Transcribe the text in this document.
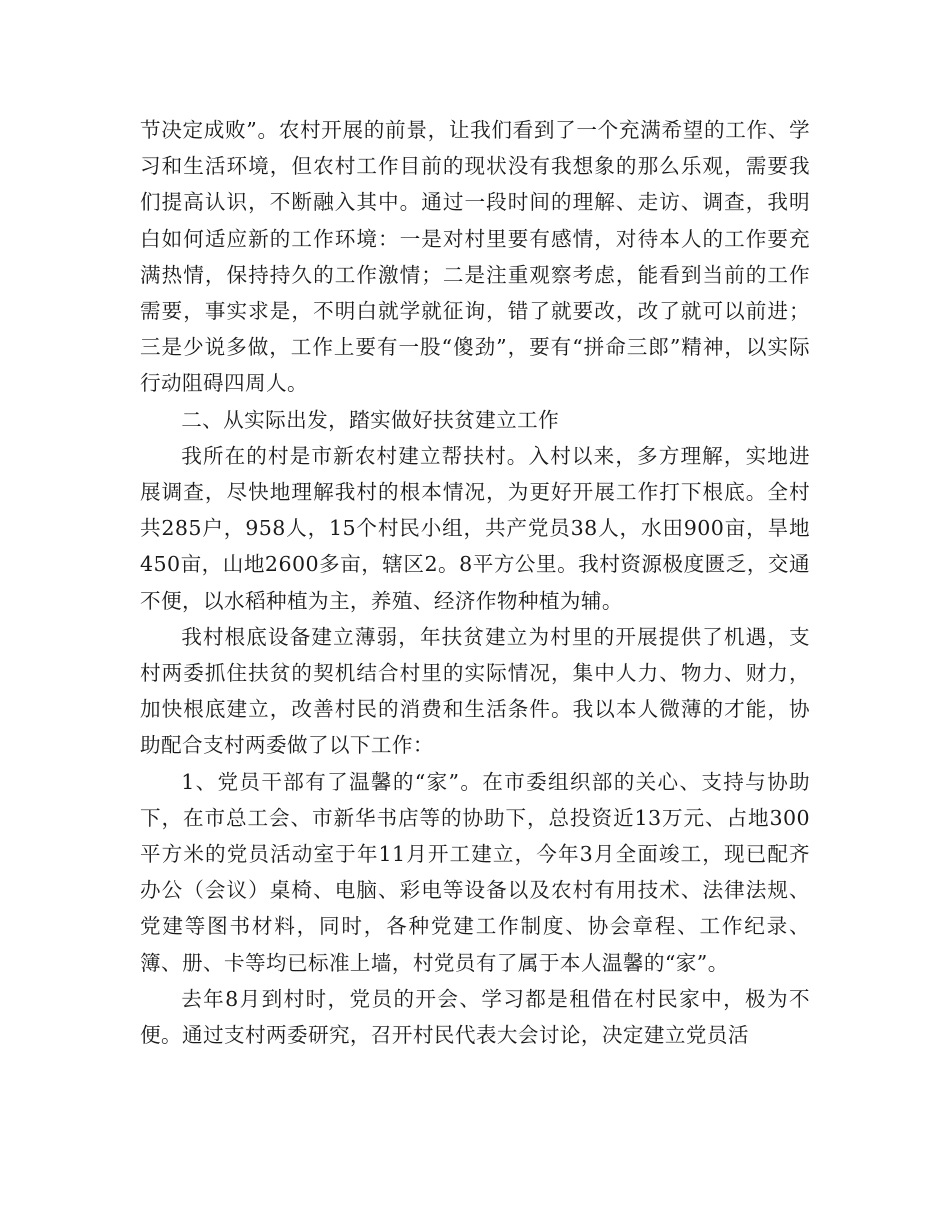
节决定成败”。农村开展的前景，让我们看到了一个充满希望的工作、学习和生活环境，但农村工作目前的现状没有我想象的那么乐观，需要我们提高认识，不断融入其中。通过一段时间的理解、走访、调查，我明白如何适应新的工作环境：一是对村里要有感情，对待本人的工作要充满热情，保持持久的工作激情；二是注重观察考虑，能看到当前的工作需要，事实求是，不明白就学就征询，错了就要改，改了就可以前进；三是少说多做，工作上要有一股“傻劲”，要有“拼命三郎”精神，以实际行动阻碍四周人。

二、从实际出发，踏实做好扶贫建立工作

我所在的村是市新农村建立帮扶村。入村以来，多方理解，实地进展调查，尽快地理解我村的根本情况，为更好开展工作打下根底。全村共285户，958人，15个村民小组，共产党员38人，水田900亩，旱地450亩，山地2600多亩，辖区2。8平方公里。我村资源极度匮乏，交通不便，以水稻种植为主，养殖、经济作物种植为辅。

我村根底设备建立薄弱，年扶贫建立为村里的开展提供了机遇，支村两委抓住扶贫的契机结合村里的实际情况，集中人力、物力、财力，加快根底建立，改善村民的消费和生活条件。我以本人微薄的才能，协助配合支村两委做了以下工作：

1、党员干部有了温馨的“家”。在市委组织部的关心、支持与协助下，在市总工会、市新华书店等的协助下，总投资近13万元、占地300平方米的党员活动室于年11月开工建立，今年3月全面竣工，现已配齐办公（会议）桌椅、电脑、彩电等设备以及农村有用技术、法律法规、党建等图书材料，同时，各种党建工作制度、协会章程、工作纪录、簿、册、卡等均已标准上墙，村党员有了属于本人温馨的“家”。

去年8月到村时，党员的开会、学习都是租借在村民家中，极为不便。通过支村两委研究，召开村民代表大会讨论，决定建立党员活
